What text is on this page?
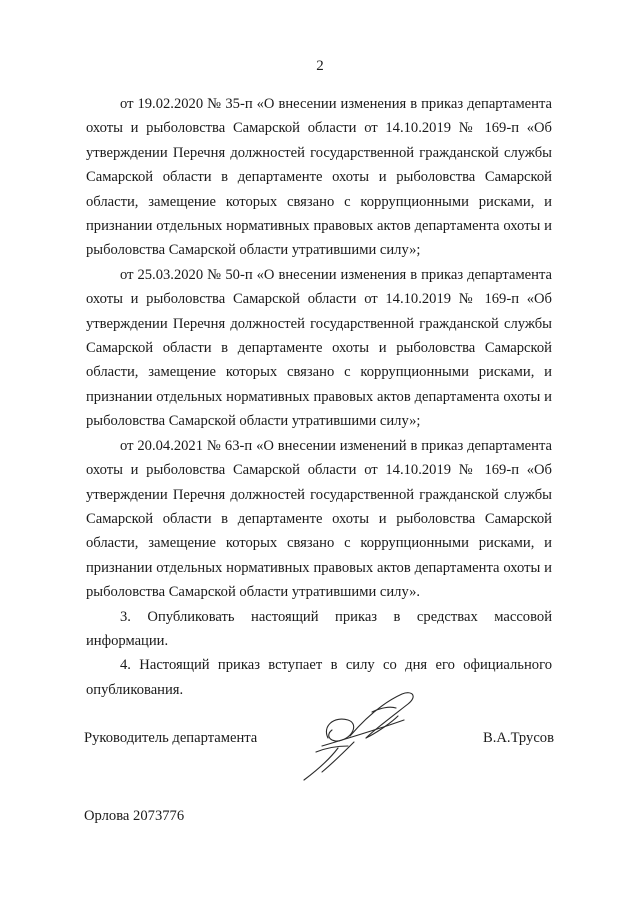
2

от 19.02.2020 № 35-п «О внесении изменения в приказ департамента охоты и рыболовства Самарской области от 14.10.2019 № 169-п «Об утверждении Перечня должностей государственной гражданской службы Самарской области в департаменте охоты и рыболовства Самарской области, замещение которых связано с коррупционными рисками, и признании отдельных нормативных правовых актов департамента охоты и рыболовства Самарской области утратившими силу»;

от 25.03.2020 № 50-п «О внесении изменения в приказ департамента охоты и рыболовства Самарской области от 14.10.2019 № 169-п «Об утверждении Перечня должностей государственной гражданской службы Самарской области в департаменте охоты и рыболовства Самарской области, замещение которых связано с коррупционными рисками, и признании отдельных нормативных правовых актов департамента охоты и рыболовства Самарской области утратившими силу»;

от 20.04.2021 № 63-п «О внесении изменений в приказ департамента охоты и рыболовства Самарской области от 14.10.2019 № 169-п «Об утверждении Перечня должностей государственной гражданской службы Самарской области в департаменте охоты и рыболовства Самарской области, замещение которых связано с коррупционными рисками, и признании отдельных нормативных правовых актов департамента охоты и рыболовства Самарской области утратившими силу».

3. Опубликовать настоящий приказ в средствах массовой информации.

4. Настоящий приказ вступает в силу со дня его официального опубликования.

Руководитель департамента	В.А.Трусов
Орлова 2073776
